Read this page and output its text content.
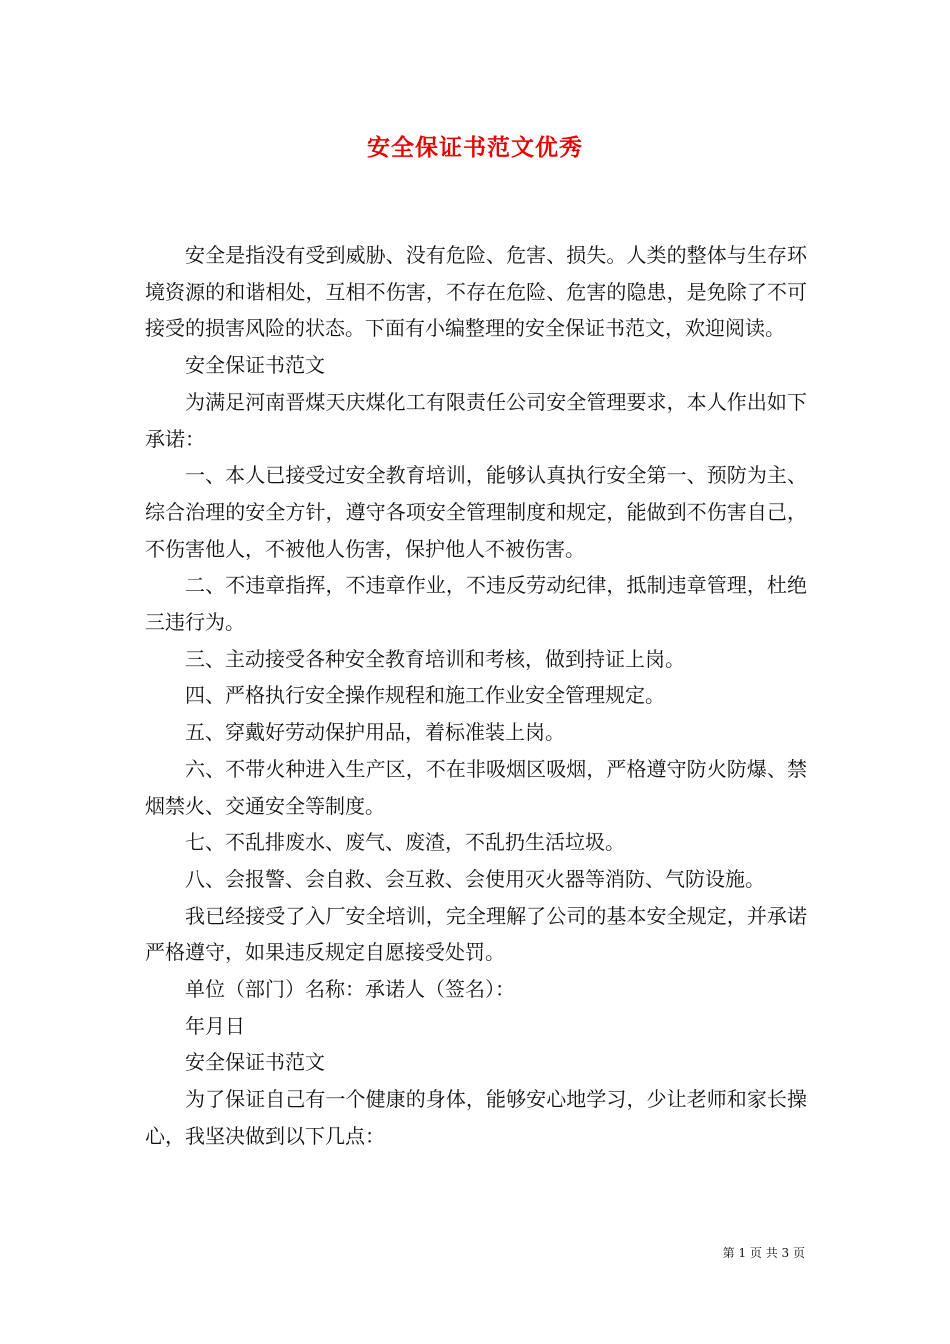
安全保证书范文优秀

安全是指没有受到威胁、没有危险、危害、损失。人类的整体与生存环境资源的和谐相处，互相不伤害，不存在危险、危害的隐患，是免除了不可接受的损害风险的状态。下面有小编整理的安全保证书范文，欢迎阅读。

安全保证书范文

为满足河南晋煤天庆煤化工有限责任公司安全管理要求，本人作出如下承诺：

一、本人已接受过安全教育培训，能够认真执行安全第一、预防为主、综合治理的安全方针，遵守各项安全管理制度和规定，能做到不伤害自己，不伤害他人，不被他人伤害，保护他人不被伤害。

二、不违章指挥，不违章作业，不违反劳动纪律，抵制违章管理，杜绝三违行为。

三、主动接受各种安全教育培训和考核，做到持证上岗。

四、严格执行安全操作规程和施工作业安全管理规定。

五、穿戴好劳动保护用品，着标准装上岗。

六、不带火种进入生产区，不在非吸烟区吸烟，严格遵守防火防爆、禁烟禁火、交通安全等制度。

七、不乱排废水、废气、废渣，不乱扔生活垃圾。

八、会报警、会自救、会互救、会使用灭火器等消防、气防设施。

我已经接受了入厂安全培训，完全理解了公司的基本安全规定，并承诺严格遵守，如果违反规定自愿接受处罚。

单位（部门）名称：承诺人（签名）：

年月日

安全保证书范文

为了保证自己有一个健康的身体，能够安心地学习，少让老师和家长操心，我坚决做到以下几点：

第 1 页 共 3 页
